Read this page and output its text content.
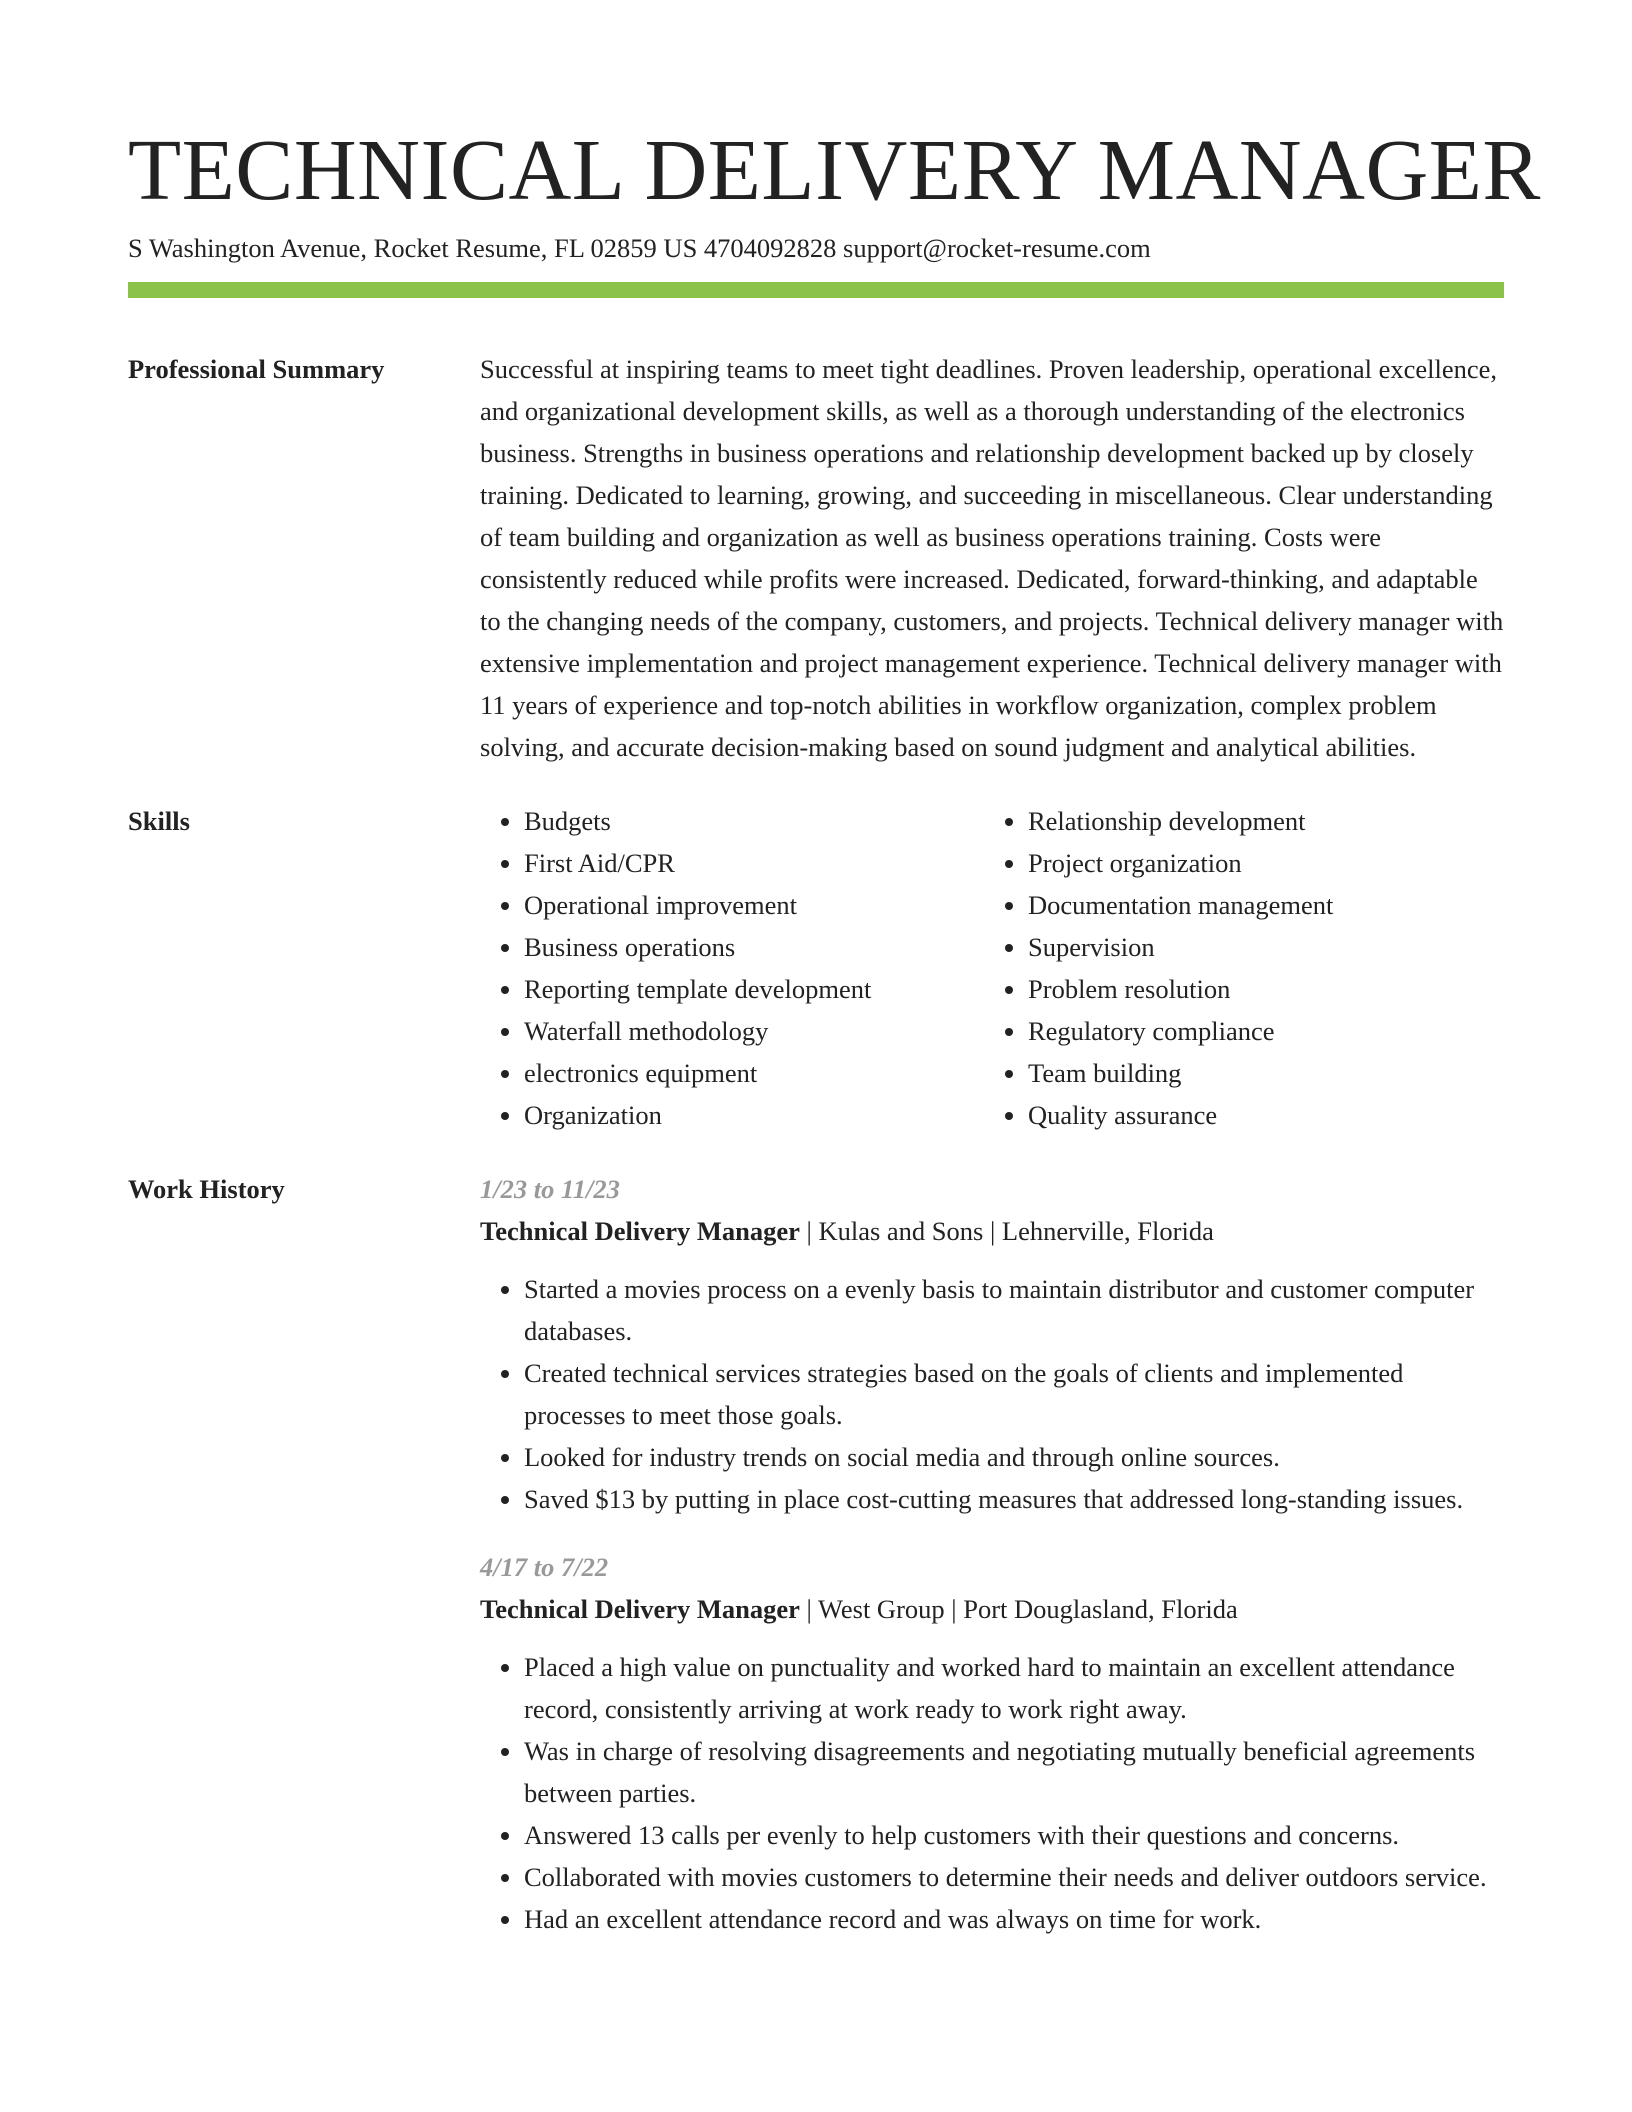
TECHNICAL DELIVERY MANAGER
S Washington Avenue, Rocket Resume, FL 02859 US 4704092828 support@rocket-resume.com
Professional Summary	Successful at inspiring teams to meet tight deadlines. Proven leadership, operational excellence, and organizational development skills, as well as a thorough understanding of the electronics business. Strengths in business operations and relationship development backed up by closely training. Dedicated to learning, growing, and succeeding in miscellaneous. Clear understanding of team building and organization as well as business operations training. Costs were consistently reduced while profits were increased. Dedicated, forward-thinking, and adaptable to the changing needs of the company, customers, and projects. Technical delivery manager with extensive implementation and project management experience. Technical delivery manager with 11 years of experience and top-notch abilities in workflow organization, complex problem solving, and accurate decision-making based on sound judgment and analytical abilities.
Skills
•	Budgets
• First Aid/CPR
• Operational improvement
• Business operations
• Reporting template development
• Waterfall methodology
• electronics equipment
• Organization
• Relationship development
• Project organization
• Documentation management
• Supervision
• Problem resolution
• Regulatory compliance
• Team building
• Quality assurance
Work History	1/23 to 11/23
Technical Delivery Manager | Kulas and Sons | Lehnerville, Florida
• Started a movies process on a evenly basis to maintain distributor and customer computer databases.
• Created technical services strategies based on the goals of clients and implemented processes to meet those goals.
• Looked for industry trends on social media and through online sources.
• Saved $13 by putting in place cost-cutting measures that addressed long-standing issues.
4/17 to 7/22
Technical Delivery Manager | West Group | Port Douglasland, Florida
• Placed a high value on punctuality and worked hard to maintain an excellent attendance record, consistently arriving at work ready to work right away.
• Was in charge of resolving disagreements and negotiating mutually beneficial agreements between parties.
• Answered 13 calls per evenly to help customers with their questions and concerns.
• Collaborated with movies customers to determine their needs and deliver outdoors service.
• Had an excellent attendance record and was always on time for work.
